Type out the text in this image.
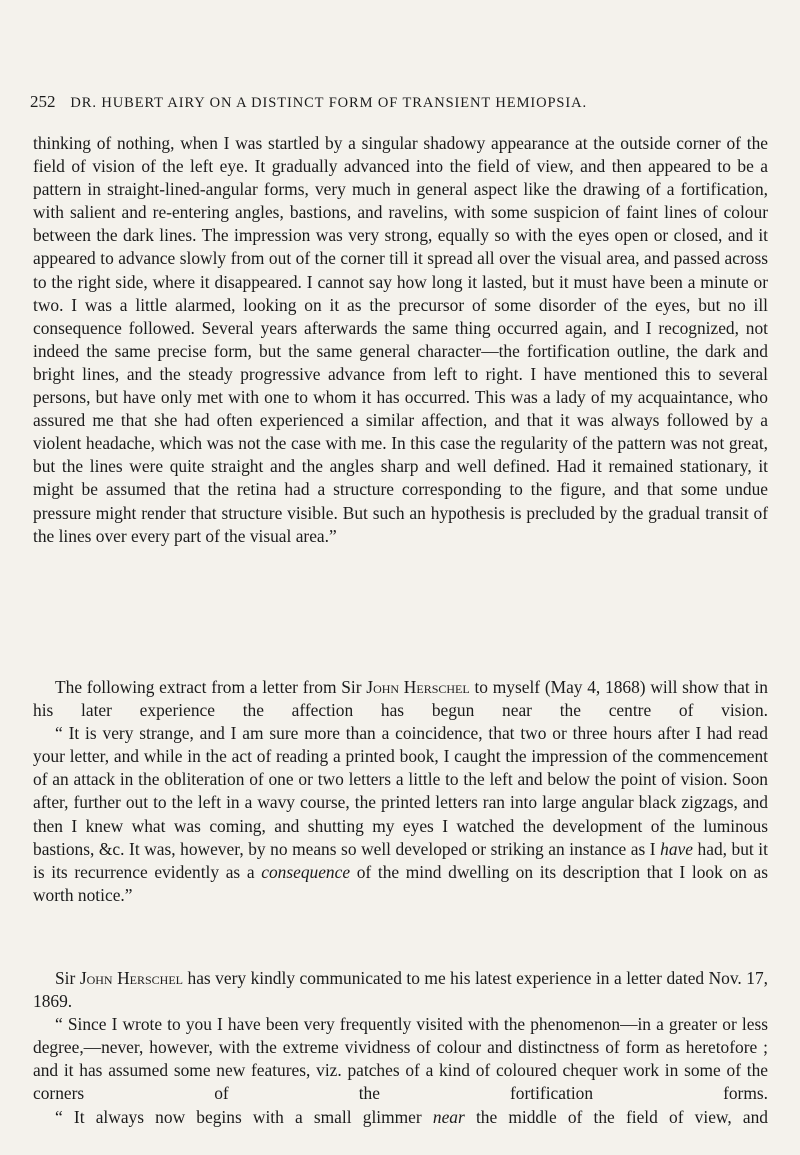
252 DR. HUBERT AIRY ON A DISTINCT FORM OF TRANSIENT HEMIOPSIA.

thinking of nothing, when I was startled by a singular shadowy appearance at the outside corner of the field of vision of the left eye. It gradually advanced into the field of view, and then appeared to be a pattern in straight-lined-angular forms, very much in general aspect like the drawing of a fortification, with salient and re-entering angles, bastions, and ravelins, with some suspicion of faint lines of colour between the dark lines. The impression was very strong, equally so with the eyes open or closed, and it appeared to advance slowly from out of the corner till it spread all over the visual area, and passed across to the right side, where it disappeared. I cannot say how long it lasted, but it must have been a minute or two. I was a little alarmed, looking on it as the precursor of some disorder of the eyes, but no ill consequence followed. Several years afterwards the same thing occurred again, and I recognized, not indeed the same precise form, but the same general character—the fortification outline, the dark and bright lines, and the steady progressive advance from left to right. I have mentioned this to several persons, but have only met with one to whom it has occurred. This was a lady of my acquaintance, who assured me that she had often experienced a similar affection, and that it was always followed by a violent headache, which was not the case with me. In this case the regularity of the pattern was not great, but the lines were quite straight and the angles sharp and well defined. Had it remained stationary, it might be assumed that the retina had a structure corresponding to the figure, and that some undue pressure might render that structure visible. But such an hypothesis is precluded by the gradual transit of the lines over every part of the visual area.”

The following extract from a letter from Sir John Herschel to myself (May 4, 1868) will show that in his later experience the affection has begun near the centre of vision.

“ It is very strange, and I am sure more than a coincidence, that two or three hours after I had read your letter, and while in the act of reading a printed book, I caught the impression of the commencement of an attack in the obliteration of one or two letters a little to the left and below the point of vision. Soon after, further out to the left in a wavy course, the printed letters ran into large angular black zigzags, and then I knew what was coming, and shutting my eyes I watched the development of the luminous bastions, &c. It was, however, by no means so well developed or striking an instance as I have had, but it is its recurrence evidently as a consequence of the mind dwelling on its description that I look on as worth notice.”

Sir John Herschel has very kindly communicated to me his latest experience in a letter dated Nov. 17, 1869.

“ Since I wrote to you I have been very frequently visited with the phenomenon—in a greater or less degree,—never, however, with the extreme vividness of colour and distinctness of form as heretofore ; and it has assumed some new features, viz. patches of a kind of coloured chequer work in some of the corners of the fortification forms.

“ It always now begins with a small glimmer near the middle of the field of view, and
